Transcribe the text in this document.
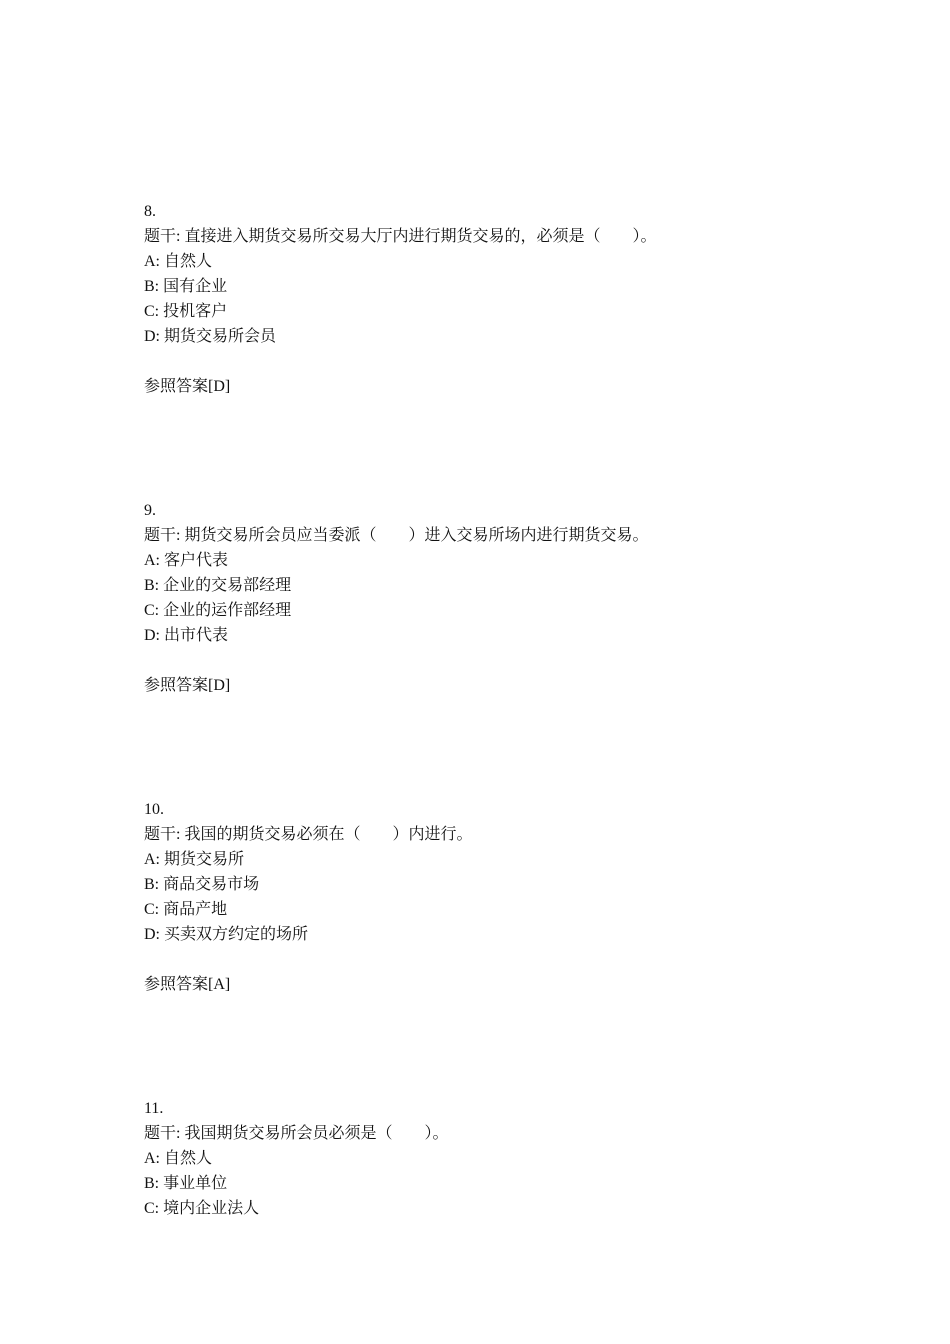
8.
题干: 直接进入期货交易所交易大厅内进行期货交易的，必须是（　　）。
A: 自然人
B: 国有企业
C: 投机客户
D: 期货交易所会员
参照答案[D]
9.
题干: 期货交易所会员应当委派（　　）进入交易所场内进行期货交易。
A: 客户代表
B: 企业的交易部经理
C: 企业的运作部经理
D: 出市代表
参照答案[D]
10.
题干: 我国的期货交易必须在（　　）内进行。
A: 期货交易所
B: 商品交易市场
C: 商品产地
D: 买卖双方约定的场所
参照答案[A]
11.
题干: 我国期货交易所会员必须是（　　）。
A: 自然人
B: 事业单位
C: 境内企业法人
